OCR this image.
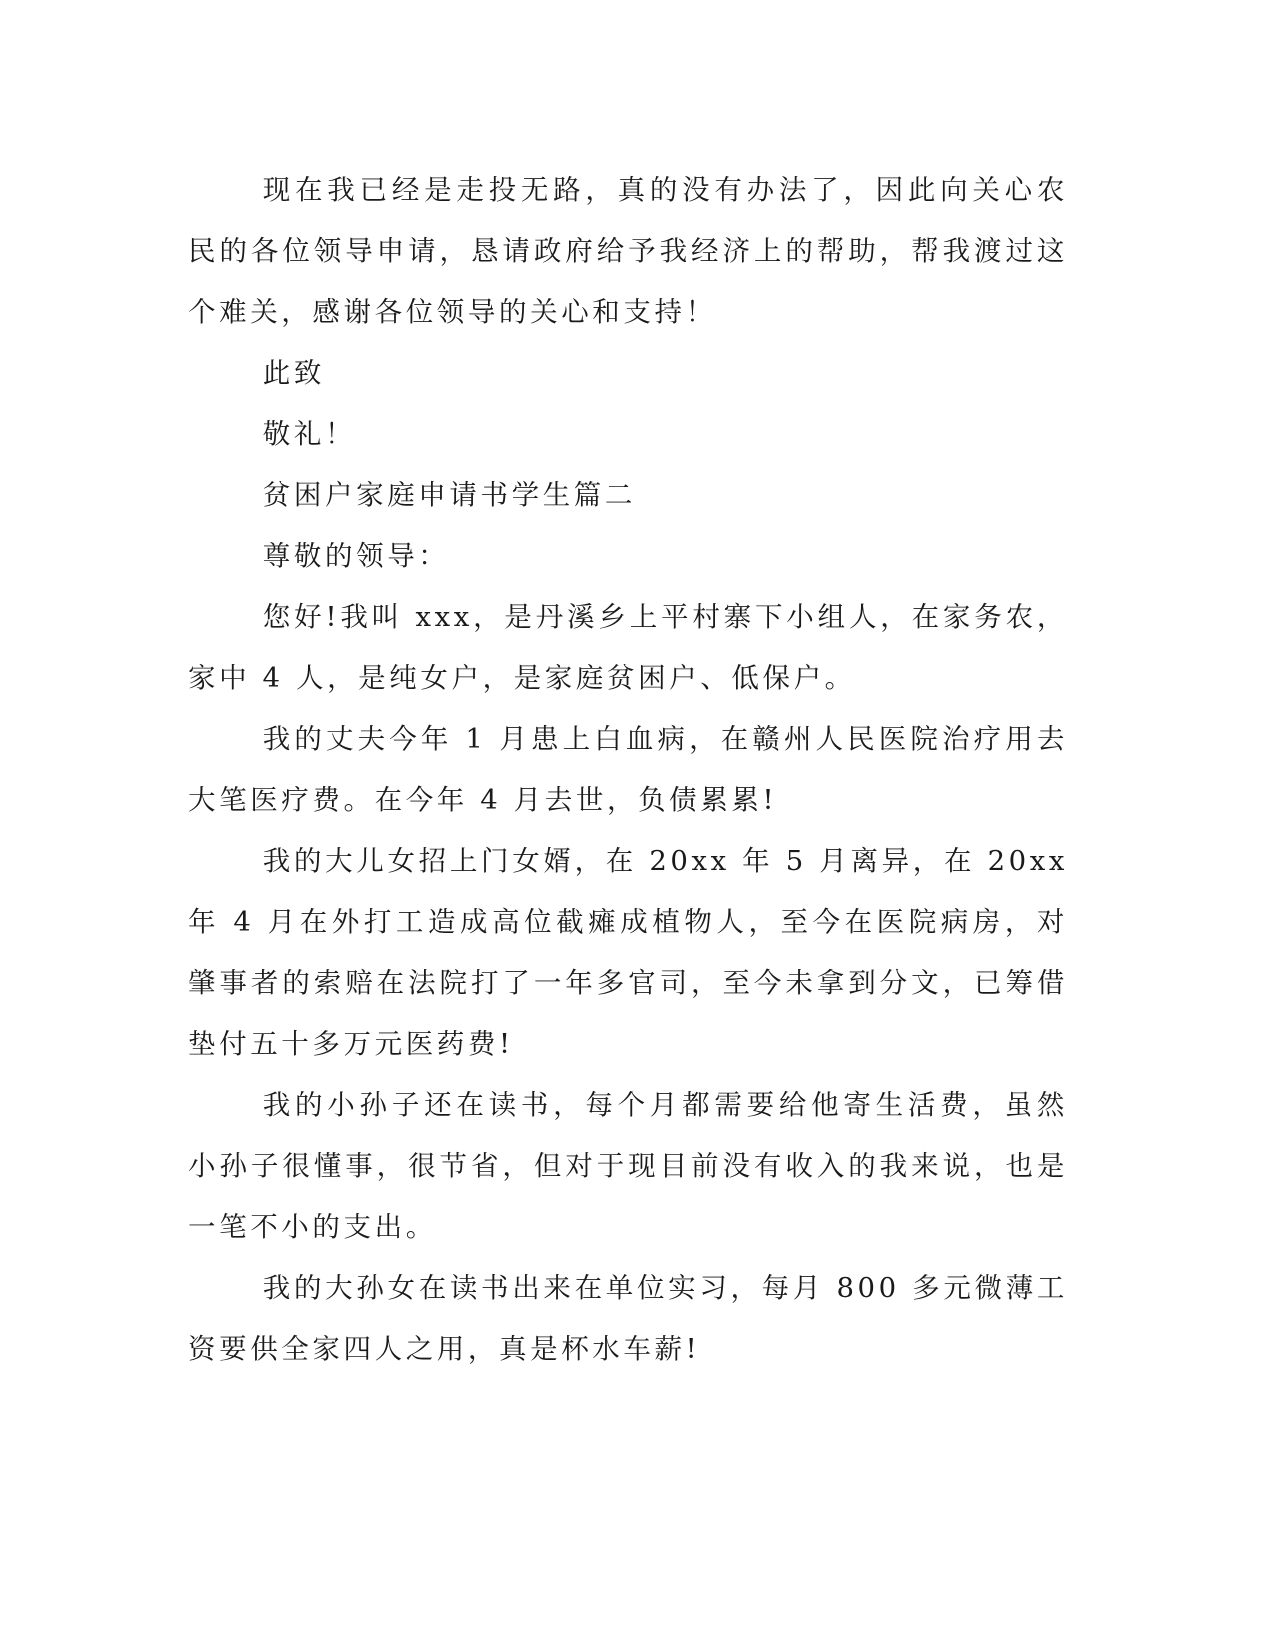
现在我已经是走投无路，真的没有办法了，因此向关心农民的各位领导申请，恳请政府给予我经济上的帮助，帮我渡过这个难关，感谢各位领导的关心和支持！

此致

敬礼！

贫困户家庭申请书学生篇二

尊敬的领导：

您好!我叫 xxx，是丹溪乡上平村寨下小组人，在家务农，家中 4 人，是纯女户，是家庭贫困户、低保户。

我的丈夫今年 1 月患上白血病，在赣州人民医院治疗用去大笔医疗费。在今年 4 月去世，负债累累!

我的大儿女招上门女婿，在 20xx 年 5 月离异，在 20xx 年 4 月在外打工造成高位截瘫成植物人，至今在医院病房，对肇事者的索赔在法院打了一年多官司，至今未拿到分文，已筹借垫付五十多万元医药费!

我的小孙子还在读书，每个月都需要给他寄生活费，虽然小孙子很懂事，很节省，但对于现目前没有收入的我来说，也是一笔不小的支出。

我的大孙女在读书出来在单位实习，每月 800 多元微薄工资要供全家四人之用，真是杯水车薪!
